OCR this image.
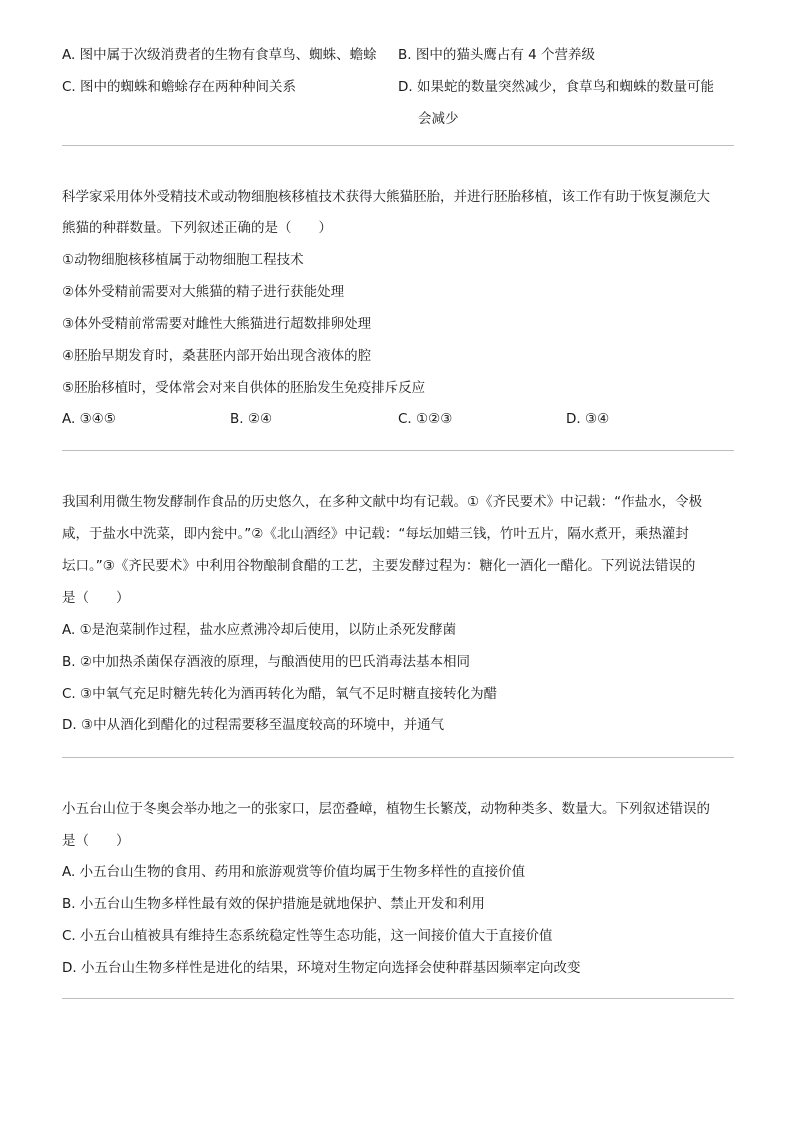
A. 图中属于次级消费者的生物有食草鸟、蜘蛛、蟾蜍 B. 图中的猫头鹰占有 4 个营养级
C. 图中的蜘蛛和蟾蜍存在两种种间关系	D. 如果蛇的数量突然减少，食草鸟和蜘蛛的数量可能
会减少
科学家采用体外受精技术或动物细胞核移植技术获得大熊猫胚胎，并进行胚胎移植，该工作有助于恢复濒危大
熊猫的种群数量。下列叙述正确的是（　　）
①动物细胞核移植属于动物细胞工程技术
②体外受精前需要对大熊猫的精子进行获能处理
③体外受精前常需要对雌性大熊猫进行超数排卵处理
④胚胎早期发育时，桑葚胚内部开始出现含液体的腔
⑤胚胎移植时，受体常会对来自供体的胚胎发生免疫排斥反应
A. ③④⑤	B. ②④	C. ①②③	D. ③④
我国利用微生物发酵制作食品的历史悠久，在多种文献中均有记载。①《齐民要术》中记载：“作盐水，令极
咸，于盐水中洗菜，即内瓮中。”②《北山酒经》中记载：“每坛加蜡三钱，竹叶五片，隔水煮开，乘热灌封
坛口。”③《齐民要术》中利用谷物酿制食醋的工艺，主要发酵过程为：糖化一酒化一醋化。下列说法错误的
是（　　）
A. ①是泡菜制作过程，盐水应煮沸冷却后使用，以防止杀死发酵菌
B. ②中加热杀菌保存酒液的原理，与酿酒使用的巴氏消毒法基本相同
C. ③中氧气充足时糖先转化为酒再转化为醋，氧气不足时糖直接转化为醋
D. ③中从酒化到醋化的过程需要移至温度较高的环境中，并通气
小五台山位于冬奥会举办地之一的张家口，层峦叠嶂，植物生长繁茂，动物种类多、数量大。下列叙述错误的
是（　　）
A. 小五台山生物的食用、药用和旅游观赏等价值均属于生物多样性的直接价值
B. 小五台山生物多样性最有效的保护措施是就地保护、禁止开发和利用
C. 小五台山植被具有维持生态系统稳定性等生态功能，这一间接价值大于直接价值
D. 小五台山生物多样性是进化的结果，环境对生物定向选择会使种群基因频率定向改变
